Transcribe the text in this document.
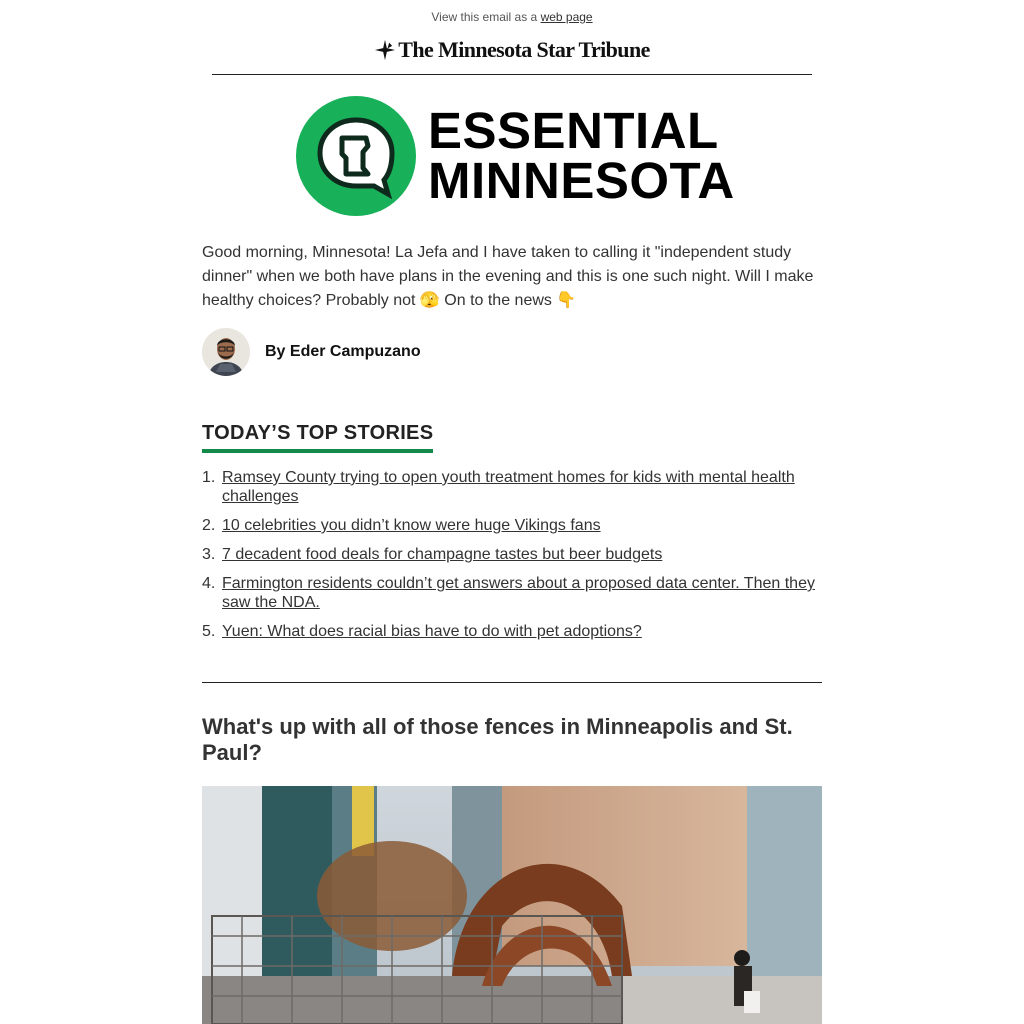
View this email as a web page
The Minnesota Star Tribune
ESSENTIAL
MINNESOTA
Good morning, Minnesota! La Jefa and I have taken to calling it "independent study dinner" when we both have plans in the evening and this is one such night. Will I make healthy choices? Probably not 🫣 On to the news 👇
By Eder Campuzano
TODAY’S TOP STORIES
1. Ramsey County trying to open youth treatment homes for kids with mental health challenges
2. 10 celebrities you didn’t know were huge Vikings fans
3. 7 decadent food deals for champagne tastes but beer budgets
4. Farmington residents couldn’t get answers about a proposed data center. Then they saw the NDA.
5. Yuen: What does racial bias have to do with pet adoptions?
What's up with all of those fences in Minneapolis and St. Paul?
